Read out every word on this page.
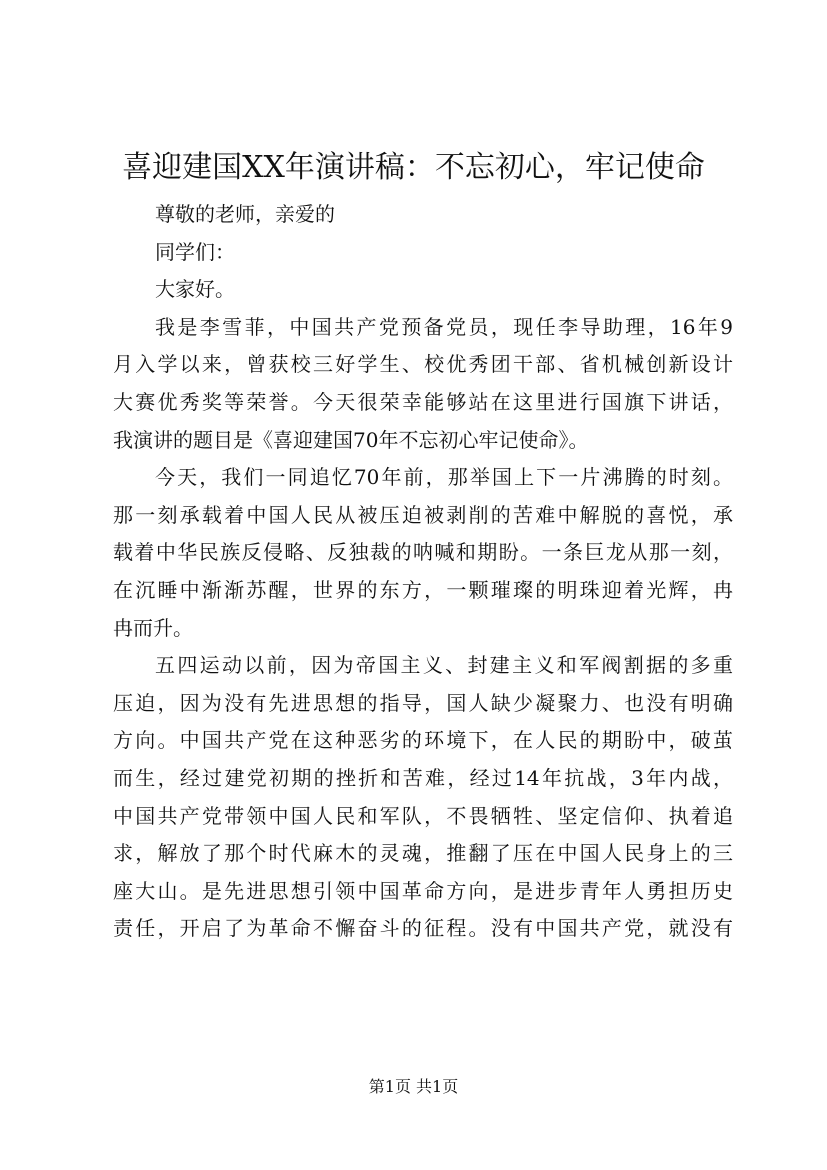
喜迎建国XX年演讲稿：不忘初心，牢记使命
尊敬的老师，亲爱的
同学们：
大家好。
我是李雪菲，中国共产党预备党员，现任李导助理，16年9
月入学以来，曾获校三好学生、校优秀团干部、省机械创新设计
大赛优秀奖等荣誉。今天很荣幸能够站在这里进行国旗下讲话，
我演讲的题目是《喜迎建国70年不忘初心牢记使命》。
今天，我们一同追忆70年前，那举国上下一片沸腾的时刻。
那一刻承载着中国人民从被压迫被剥削的苦难中解脱的喜悦，承
载着中华民族反侵略、反独裁的呐喊和期盼。一条巨龙从那一刻，
在沉睡中渐渐苏醒，世界的东方，一颗璀璨的明珠迎着光辉，冉
冉而升。
五四运动以前，因为帝国主义、封建主义和军阀割据的多重
压迫，因为没有先进思想的指导，国人缺少凝聚力、也没有明确
方向。中国共产党在这种恶劣的环境下，在人民的期盼中，破茧
而生，经过建党初期的挫折和苦难，经过14年抗战，3年内战，
中国共产党带领中国人民和军队，不畏牺牲、坚定信仰、执着追
求，解放了那个时代麻木的灵魂，推翻了压在中国人民身上的三
座大山。是先进思想引领中国革命方向，是进步青年人勇担历史
责任，开启了为革命不懈奋斗的征程。没有中国共产党，就没有
第1页 共1页
